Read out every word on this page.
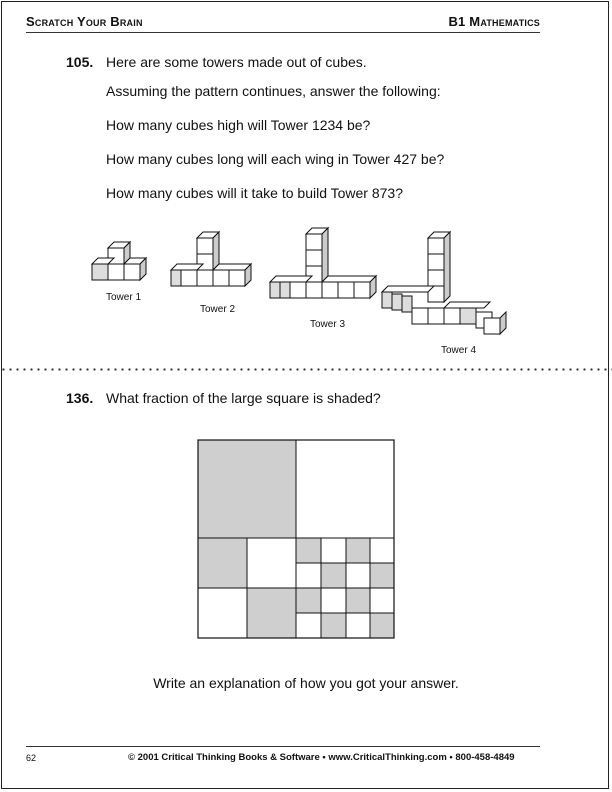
Scratch Your Brain	B1 Mathematics
105. Here are some towers made out of cubes.
Assuming the pattern continues, answer the following:
How many cubes high will Tower 1234 be?
How many cubes long will each wing in Tower 427 be?
How many cubes will it take to build Tower 873?
Tower 1
Tower 2
Tower 3
Tower 4
136. What fraction of the large square is shaded?
Write an explanation of how you got your answer.
62	© 2001 Critical Thinking Books & Software • www.CriticalThinking.com • 800-458-4849
